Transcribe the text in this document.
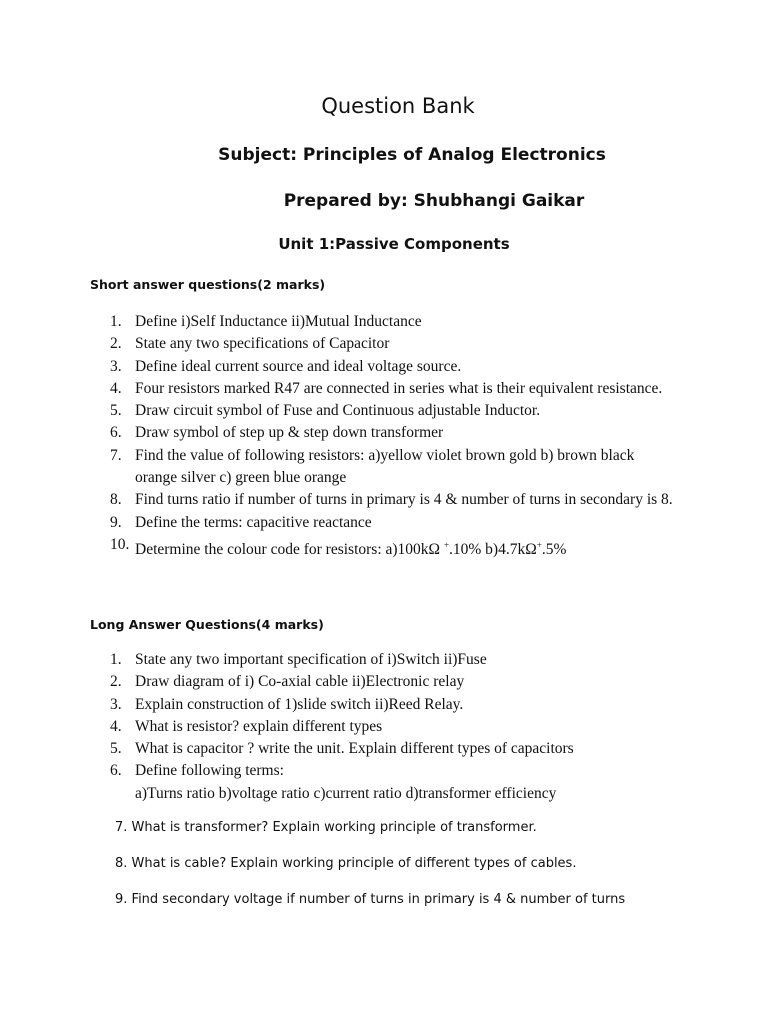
Question Bank
Subject: Principles of Analog Electronics
Prepared by: Shubhangi Gaikar
Unit 1:Passive Components
Short answer questions(2 marks)
1. Define i)Self Inductance ii)Mutual Inductance
2. State any two specifications of Capacitor
3. Define ideal current source and ideal voltage source.
4. Four resistors marked R47 are connected in series what is their equivalent resistance.
5. Draw circuit symbol of Fuse and Continuous adjustable Inductor.
6. Draw symbol of step up & step down transformer
7. Find the value of following resistors: a)yellow violet brown gold b) brown black orange silver c) green blue orange
8. Find turns ratio if number of turns in primary is 4 & number of turns in secondary is 8.
9. Define the terms: capacitive reactance
10. Determine the colour code for resistors: a)100kΩ +.10% b)4.7kΩ+.5%
Long Answer Questions(4 marks)
1. State any two important specification of i)Switch ii)Fuse
2. Draw diagram of i) Co-axial cable ii)Electronic relay
3. Explain construction of 1)slide switch ii)Reed Relay.
4. What is resistor? explain different types
5. What is capacitor ? write the unit. Explain different types of capacitors
6. Define following terms:
a)Turns ratio b)voltage ratio c)current ratio d)transformer efficiency
7. What is transformer? Explain working principle of transformer.
8. What is cable? Explain working principle of different types of cables.
9. Find secondary voltage if number of turns in primary is 4 & number of turns
